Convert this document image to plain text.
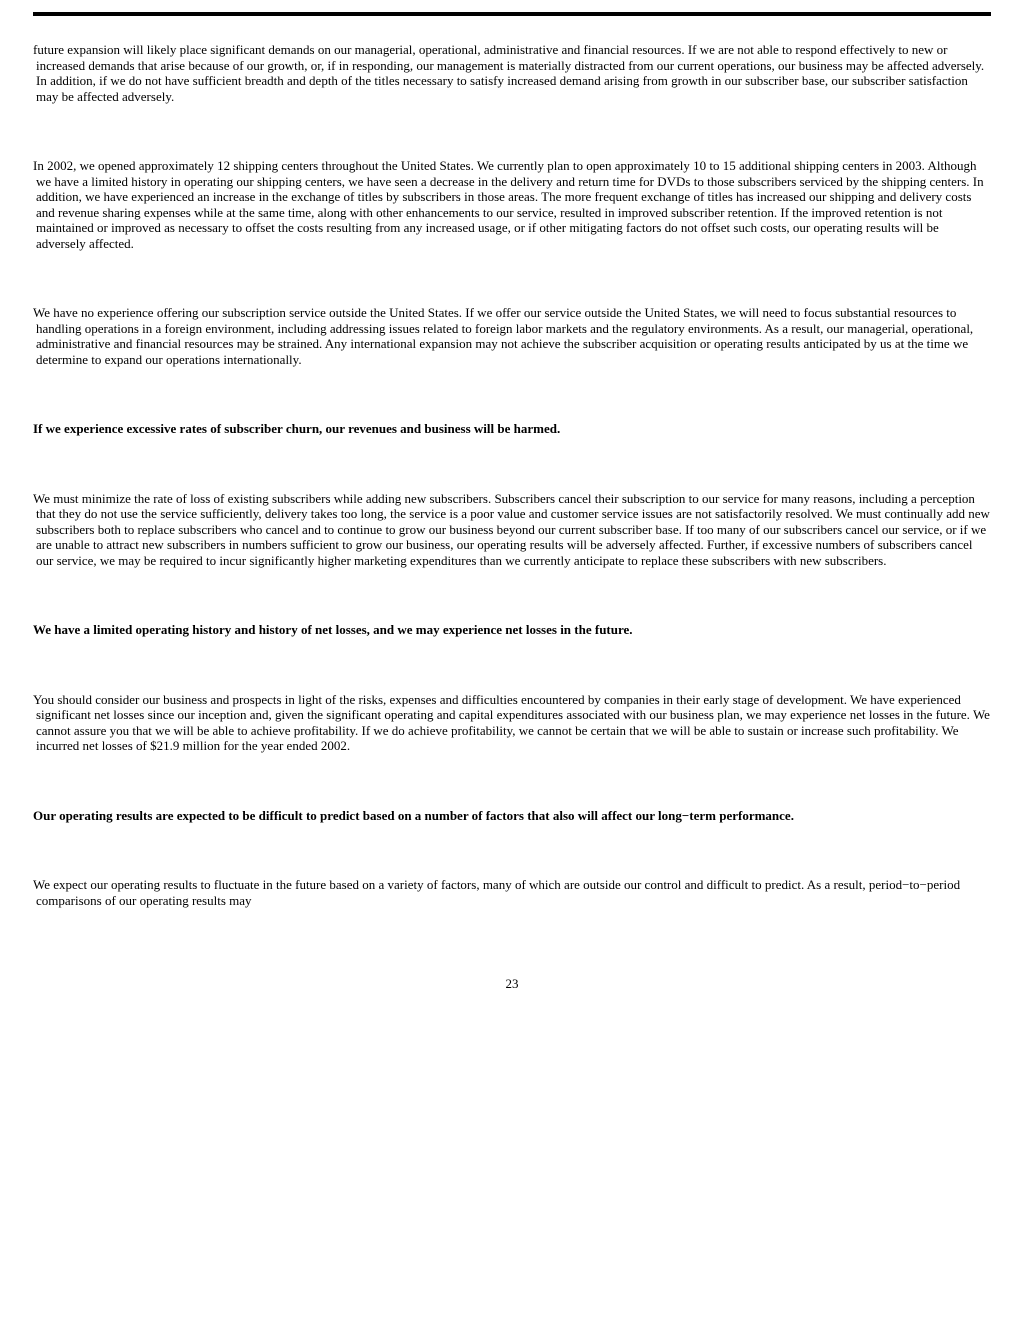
future expansion will likely place significant demands on our managerial, operational, administrative and financial resources. If we are not able to respond effectively to new or increased demands that arise because of our growth, or, if in responding, our management is materially distracted from our current operations, our business may be affected adversely. In addition, if we do not have sufficient breadth and depth of the titles necessary to satisfy increased demand arising from growth in our subscriber base, our subscriber satisfaction may be affected adversely.
In 2002, we opened approximately 12 shipping centers throughout the United States. We currently plan to open approximately 10 to 15 additional shipping centers in 2003. Although we have a limited history in operating our shipping centers, we have seen a decrease in the delivery and return time for DVDs to those subscribers serviced by the shipping centers. In addition, we have experienced an increase in the exchange of titles by subscribers in those areas. The more frequent exchange of titles has increased our shipping and delivery costs and revenue sharing expenses while at the same time, along with other enhancements to our service, resulted in improved subscriber retention. If the improved retention is not maintained or improved as necessary to offset the costs resulting from any increased usage, or if other mitigating factors do not offset such costs, our operating results will be adversely affected.
We have no experience offering our subscription service outside the United States. If we offer our service outside the United States, we will need to focus substantial resources to handling operations in a foreign environment, including addressing issues related to foreign labor markets and the regulatory environments. As a result, our managerial, operational, administrative and financial resources may be strained. Any international expansion may not achieve the subscriber acquisition or operating results anticipated by us at the time we determine to expand our operations internationally.
If we experience excessive rates of subscriber churn, our revenues and business will be harmed.
We must minimize the rate of loss of existing subscribers while adding new subscribers. Subscribers cancel their subscription to our service for many reasons, including a perception that they do not use the service sufficiently, delivery takes too long, the service is a poor value and customer service issues are not satisfactorily resolved. We must continually add new subscribers both to replace subscribers who cancel and to continue to grow our business beyond our current subscriber base. If too many of our subscribers cancel our service, or if we are unable to attract new subscribers in numbers sufficient to grow our business, our operating results will be adversely affected. Further, if excessive numbers of subscribers cancel our service, we may be required to incur significantly higher marketing expenditures than we currently anticipate to replace these subscribers with new subscribers.
We have a limited operating history and history of net losses, and we may experience net losses in the future.
You should consider our business and prospects in light of the risks, expenses and difficulties encountered by companies in their early stage of development. We have experienced significant net losses since our inception and, given the significant operating and capital expenditures associated with our business plan, we may experience net losses in the future. We cannot assure you that we will be able to achieve profitability. If we do achieve profitability, we cannot be certain that we will be able to sustain or increase such profitability. We incurred net losses of $21.9 million for the year ended 2002.
Our operating results are expected to be difficult to predict based on a number of factors that also will affect our long−term performance.
We expect our operating results to fluctuate in the future based on a variety of factors, many of which are outside our control and difficult to predict. As a result, period−to−period comparisons of our operating results may
23
